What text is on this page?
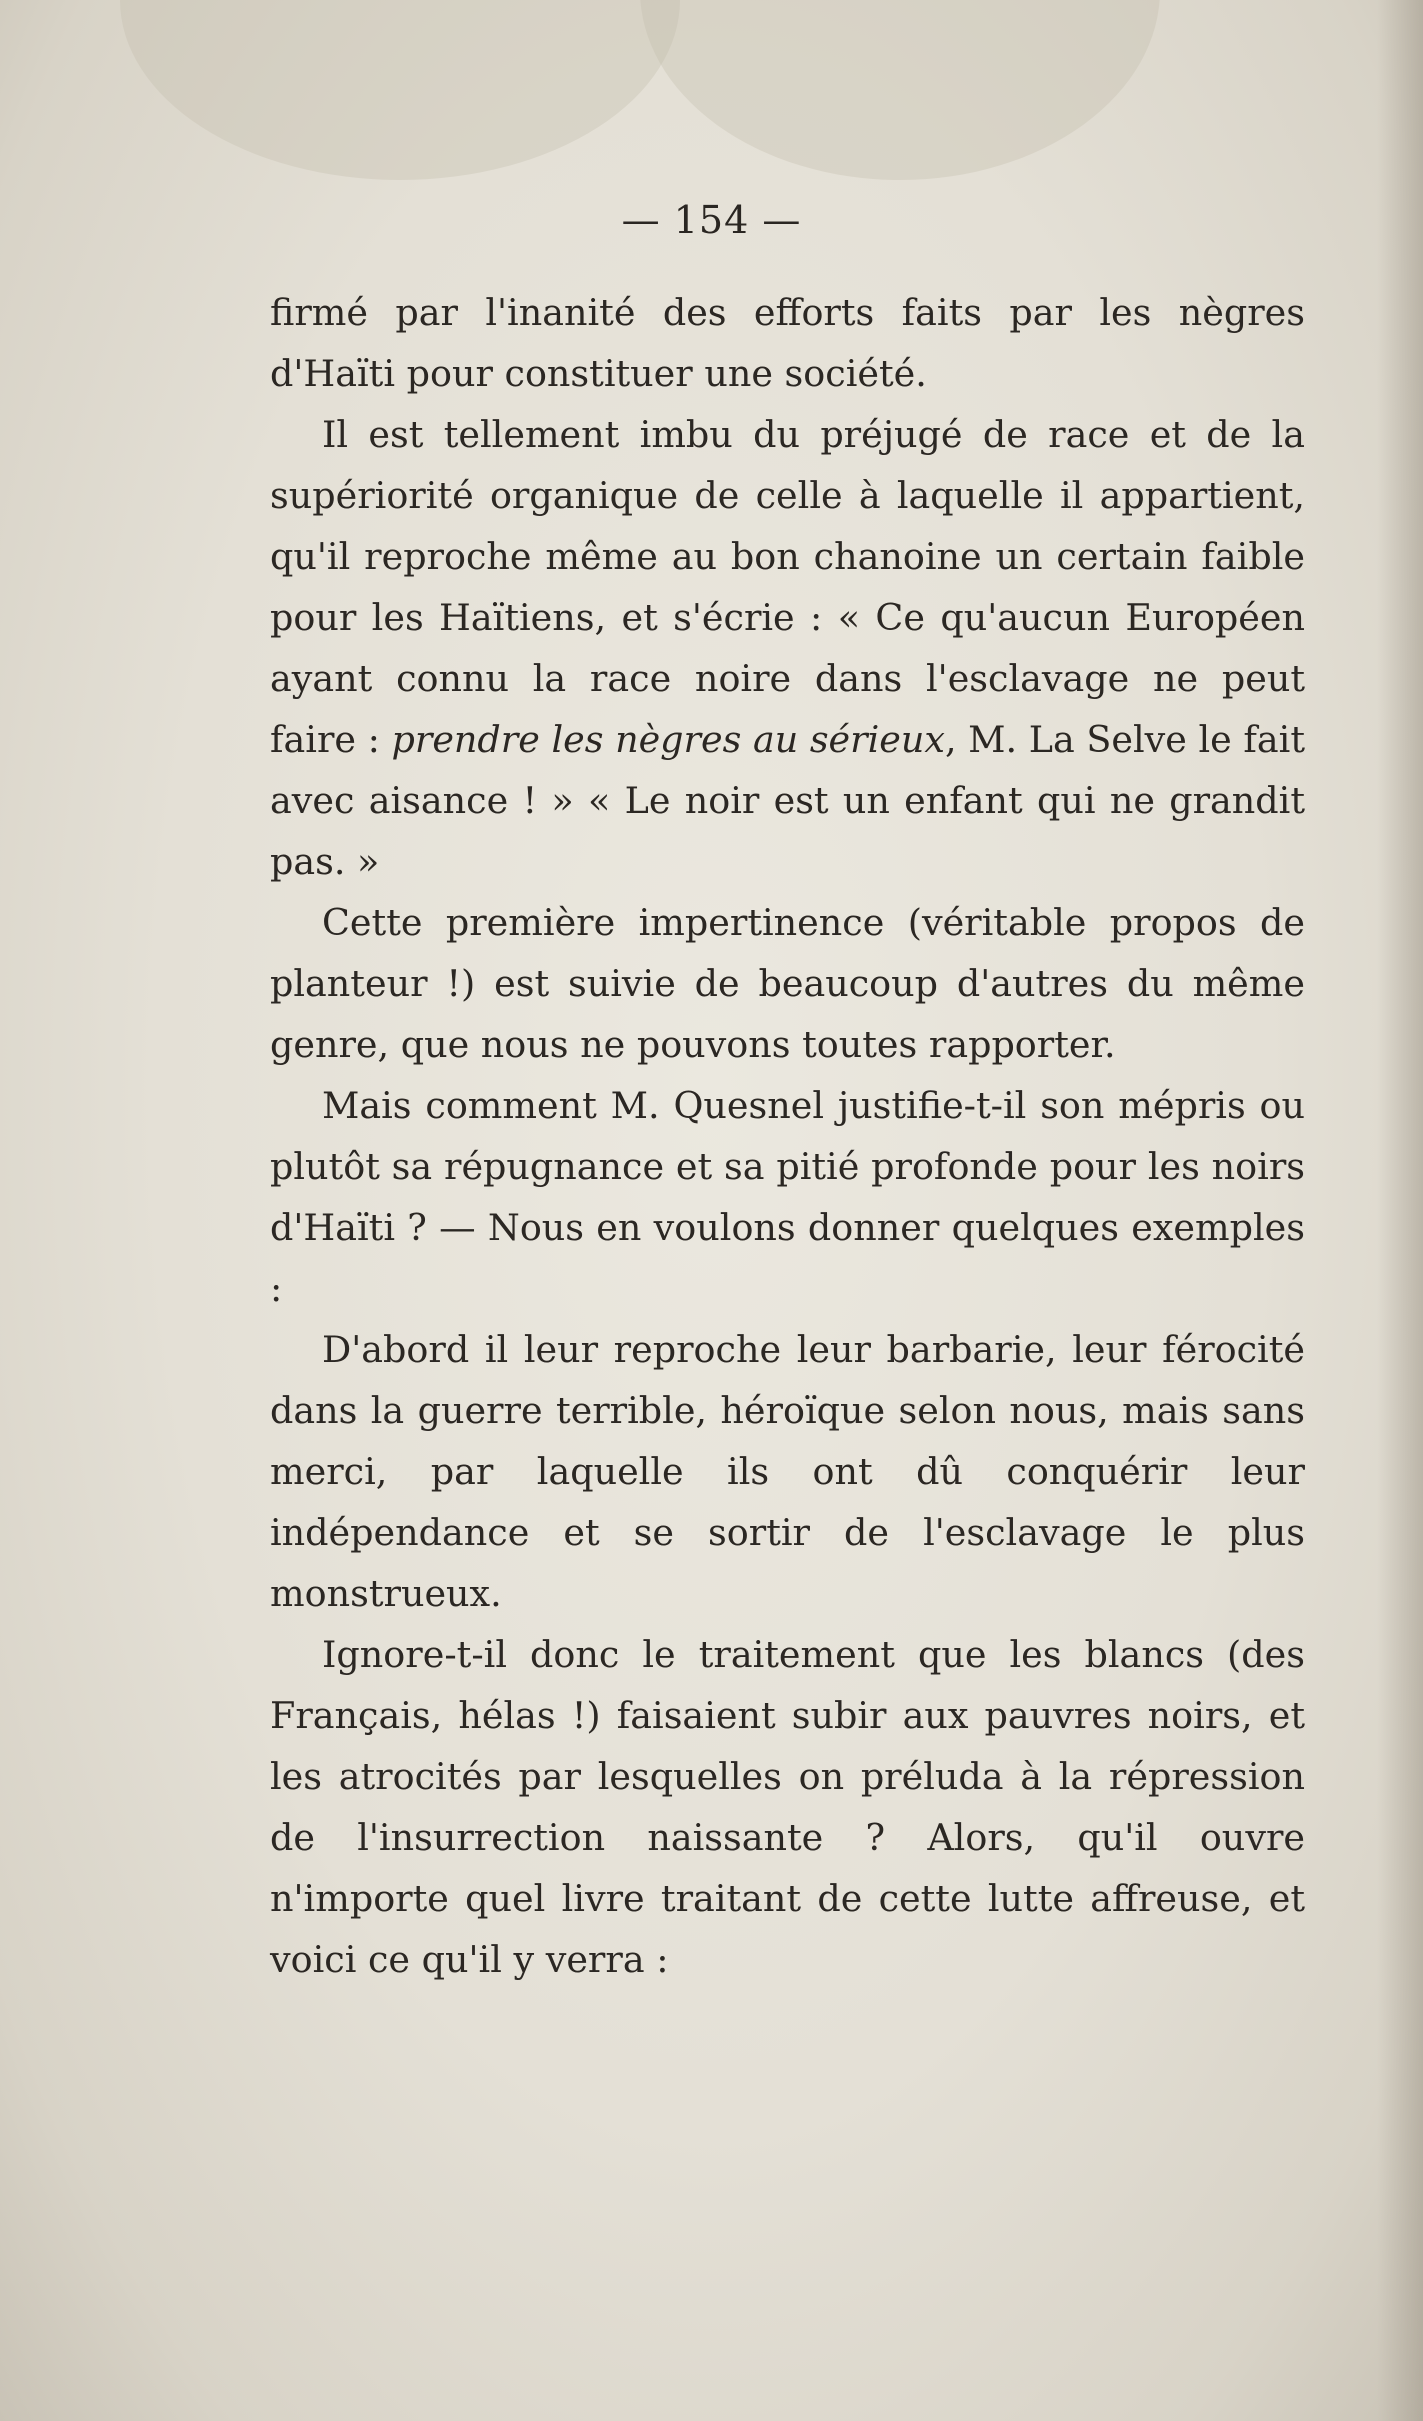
— 154 —

firmé par l'inanité des efforts faits par les nègres d'Haïti pour constituer une société.

Il est tellement imbu du préjugé de race et de la supériorité organique de celle à laquelle il appartient, qu'il reproche même au bon chanoine un certain faible pour les Haïtiens, et s'écrie : « Ce qu'aucun Européen ayant connu la race noire dans l'esclavage ne peut faire : prendre les nègres au sérieux, M. La Selve le fait avec aisance ! » « Le noir est un enfant qui ne grandit pas. »

Cette première impertinence (véritable propos de planteur !) est suivie de beaucoup d'autres du même genre, que nous ne pouvons toutes rapporter.

Mais comment M. Quesnel justifie-t-il son mépris ou plutôt sa répugnance et sa pitié profonde pour les noirs d'Haïti ? — Nous en voulons donner quelques exemples :

D'abord il leur reproche leur barbarie, leur férocité dans la guerre terrible, héroïque selon nous, mais sans merci, par laquelle ils ont dû conquérir leur indépendance et se sortir de l'esclavage le plus monstrueux.

Ignore-t-il donc le traitement que les blancs (des Français, hélas !) faisaient subir aux pauvres noirs, et les atrocités par lesquelles on préluda à la répression de l'insurrection naissante ? Alors, qu'il ouvre n'importe quel livre traitant de cette lutte affreuse, et voici ce qu'il y verra :
